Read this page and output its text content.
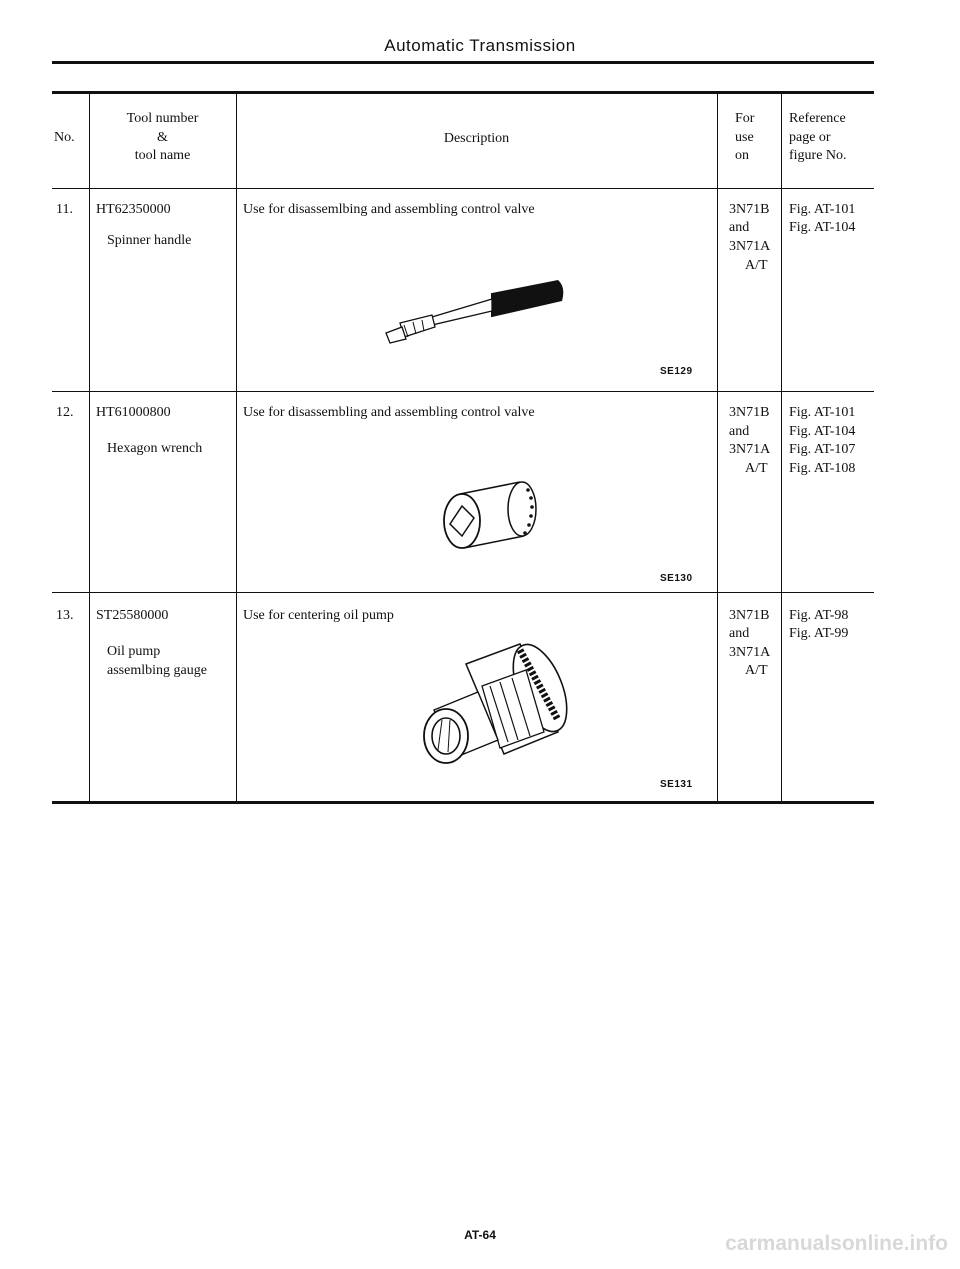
Automatic Transmission
No.
Tool number
&
tool name
Description
For
use
on
Reference
page or
figure No.
11. HT62350000
Spinner handle
Use for disassemlbing and assembling control valve
SE129
3N71B
and
3N71A
A/T
Fig. AT-101
Fig. AT-104
12. HT61000800
Hexagon wrench
Use for disassembling and assembling control valve
SE130
3N71B
and
3N71A
A/T
Fig. AT-101
Fig. AT-104
Fig. AT-107
Fig. AT-108
13. ST25580000
Oil pump
assemlbing gauge
Use for centering oil pump
SE131
3N71B
and
3N71A
A/T
Fig. AT-98
Fig. AT-99
AT-64	carmanualsonline.info
